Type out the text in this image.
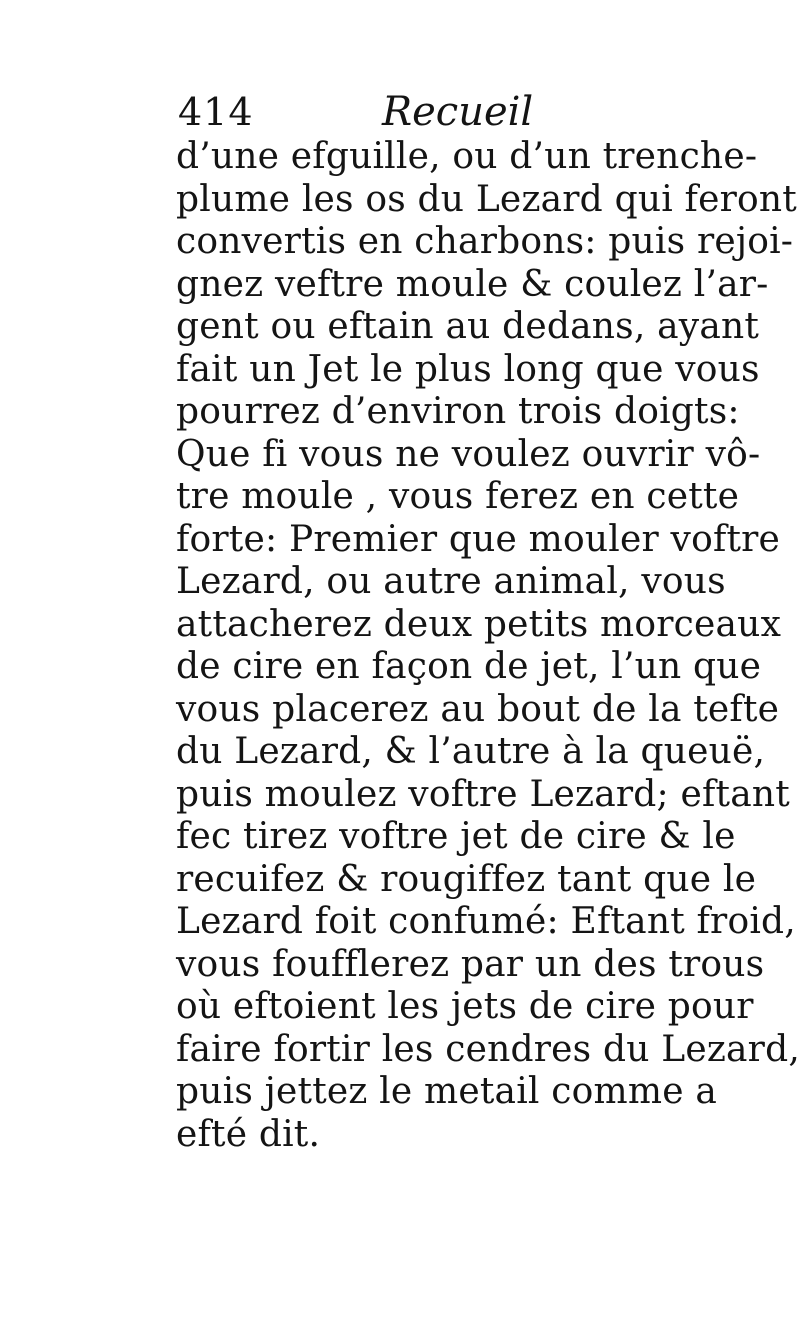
414	Recueil
d’une efguille, ou d’un trenche-
plume les os du Lezard qui feront
convertis en charbons: puis rejoi-
gnez veftre moule & coulez l’ar-
gent ou eftain au dedans, ayant
fait un Jet le plus long que vous
pourrez d’environ trois doigts:
Que fi vous ne voulez ouvrir vô-
tre moule , vous ferez en cette
forte: Premier que mouler voftre
Lezard, ou autre animal, vous
attacherez deux petits morceaux
de cire en façon de jet, l’un que
vous placerez au bout de la tefte
du Lezard, & l’autre à la queuë,
puis moulez voftre Lezard; eftant
fec tirez voftre jet de cire & le
recuifez & rougiffez tant que le
Lezard foit confumé: Eftant froid,
vous foufflerez par un des trous
où eftoient les jets de cire pour
faire fortir les cendres du Lezard,
puis jettez le metail comme a
efté dit.
